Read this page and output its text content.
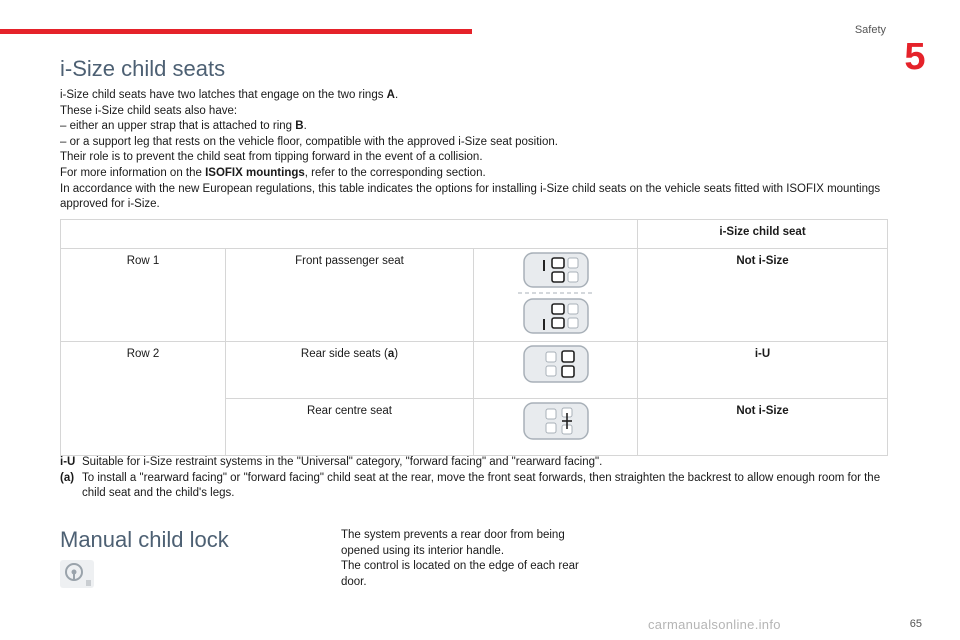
Safety
5
i-Size child seats

i-Size child seats have two latches that engage on the two rings A.

These i-Size child seats also have:

– either an upper strap that is attached to ring B.

– or a support leg that rests on the vehicle floor, compatible with the approved i-Size seat position.

Their role is to prevent the child seat from tipping forward in the event of a collision.

For more information on the ISOFIX mountings, refer to the corresponding section.

In accordance with the new European regulations, this table indicates the options for installing i-Size child seats on the vehicle seats fitted with ISOFIX mountings approved for i-Size.

			i-Size child seat

Row 1	Front passenger seat		Not i-Size

Row 2	Rear side seats (a)		i-U

	Rear centre seat		Not i-Size
i-U Suitable for i-Size restraint systems in the "Universal" category, "forward facing" and "rearward facing".
(a) To install a "rearward facing" or "forward facing" child seat at the rear, move the front seat forwards, then straighten the backrest to allow enough room for the child seat and the child's legs.
Manual child lock	The system prevents a rear door from being
opened using its interior handle.
The control is located on the edge of each rear
door.
carmanualsonline.info	65
